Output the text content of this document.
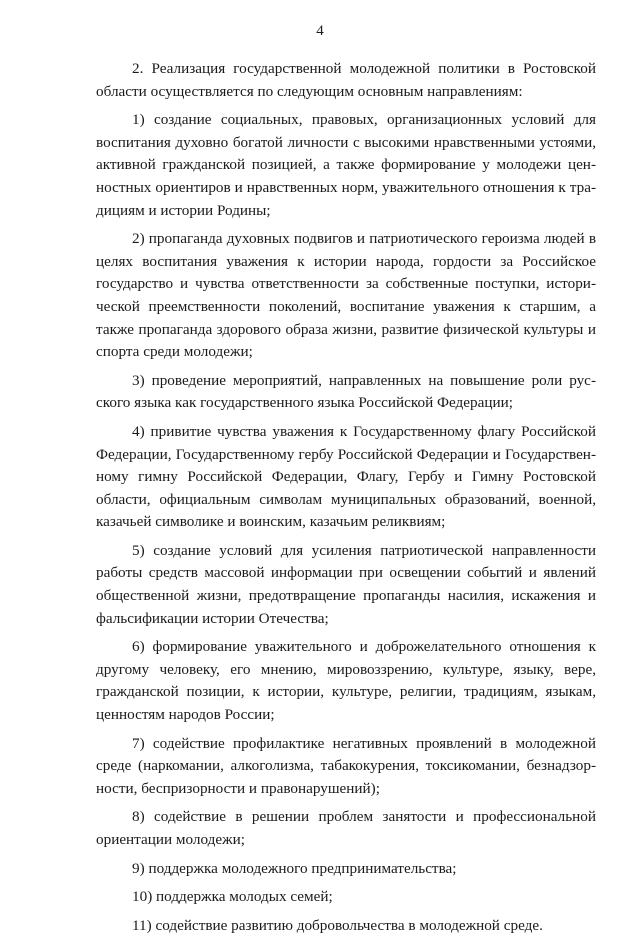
4

2. Реализация государственной молодежной политики в Ростовской области осуществляется по следующим основным направлениям:

1) создание социальных, правовых, организационных условий для воспитания духовно богатой личности с высокими нравственными устоями, активной гражданской позицией, а также формирование у молодежи ценностных ориентиров и нравственных норм, уважительного отношения к традициям и истории Родины;

2) пропаганда духовных подвигов и патриотического героизма людей в целях воспитания уважения к истории народа, гордости за Российское государство и чувства ответственности за собственные поступки, исторической преемственности поколений, воспитание уважения к старшим, а также пропаганда здорового образа жизни, развитие физической культуры и спорта среди молодежи;

3) проведение мероприятий, направленных на повышение роли русского языка как государственного языка Российской Федерации;

4) привитие чувства уважения к Государственному флагу Российской Федерации, Государственному гербу Российской Федерации и Государственному гимну Российской Федерации, Флагу, Гербу и Гимну Ростовской области, официальным символам муниципальных образований, военной, казачьей символике и воинским, казачьим реликвиям;

5) создание условий для усиления патриотической направленности работы средств массовой информации при освещении событий и явлений общественной жизни, предотвращение пропаганды насилия, искажения и фальсификации истории Отечества;

6) формирование уважительного и доброжелательного отношения к другому человеку, его мнению, мировоззрению, культуре, языку, вере, гражданской позиции, к истории, культуре, религии, традициям, языкам, ценностям народов России;

7) содействие профилактике негативных проявлений в молодежной среде (наркомании, алкоголизма, табакокурения, токсикомании, безнадзорности, беспризорности и правонарушений);

8) содействие в решении проблем занятости и профессиональной ориентации молодежи;

9) поддержка молодежного предпринимательства;

10) поддержка молодых семей;

11) содействие развитию добровольчества в молодежной среде.
